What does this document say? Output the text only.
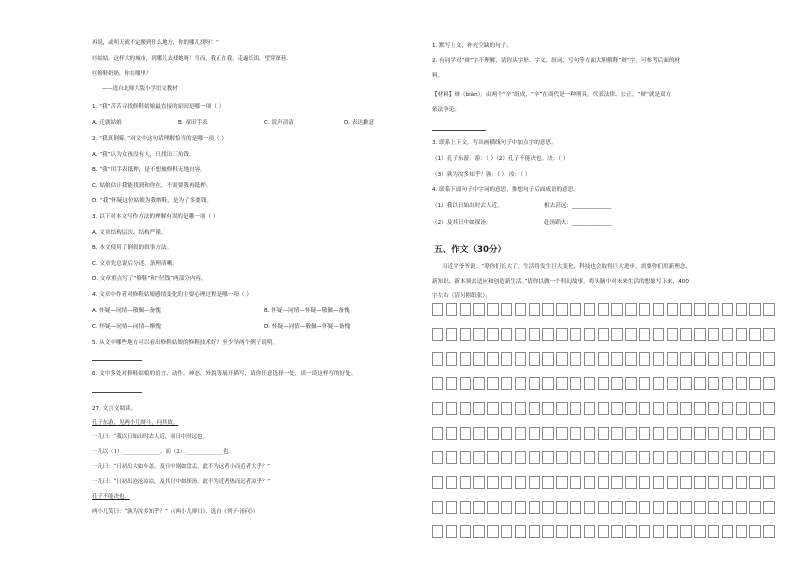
再说，或明天就不定搬到什么地方，你的哪儿找呀！”
⑬姑姑，这样大的城市，到哪儿去找她呀！当而，我正在我，走遍长街，望穿深巷。
⑭修鞋奶奶，你在哪里？
——选自北师大版小学语文教材
1. “我”苦苦寻找修鞋姑娘最直接的原因是哪一项（ ）
A. 迁就姑娘	B. 童旧手表	C. 说声清清	D. 表达歉意
2. “我真倒霉。”对文中这句话理解恰当的是哪一项（ ）
A. “我”认为女孩没有人，只找出三角钱。
B. “我”用手表抵押，是不想被修鞋无地自容。
C. 姑娘估计我能找到和你在，不需要我再抵押。
D. “我”怀疑这位姑娘为我纳鞋，是为了多要钱。
3. 以下对本文写作方法的理解有误的是哪一项（ ）
A. 文章结构层次、结构严谨。
B. 本文使用了倒叙的叙事方法。
C. 文章先总说后分述，条理清晰。
D. 文章重点写了“修鞋”和“付钱”两部分内容。
4. 文章中作者对修鞋姑娘感情变化的主要心理过程是哪一项（ ）
A. 怀疑—同情—敬佩—备愧	B. 怀疑—同情—怀疑—敬佩—备愧
C. 怀疑—同情—同情—惭愧	D. 怀疑—同情—敬佩—怀疑—备愧
5. 从文中哪些地方可以看出修鞋姑娘的修鞋技术好？至少举两个例子说明。
6. 文中多处对修鞋姑娘的语言、动作、神态、外貌等展开描写，请你任意选择一处，谈一谈这样写的好处。
27. 文言文阅读。
孔子东游，见两小儿辩斗，问其故。
一儿曰：“我以日始出时去人近，而日中时远也。
一儿以（1）______________，而（2）______________也。
一儿曰：“日初出大如车盖，及日中则如盘盂，此不为远者小而近者大乎？”
一儿曰：“日初出沧沧凉凉，及其日中如探汤，此不为近者热而远者凉乎？”
孔子不能决也。
两小儿笑曰：“孰为汝多知乎？”（《两小儿辩日》，选自《列子·汤问》）
1. 默写上文，补充空缺的句子。
2. 有同学对“辩”字不理解，请你从字形、字义、组词、写句等方面大胆解释“辩”字，可参考后面的材
料。
【材料】辩（biàn），由两个“辛”组成，“辛”在商代是一种刑具，代表法律、公正。“辩”就是双方
依法争论。
3. 联系上下文，写出画横线句子中加点字的意思。
（1）孔子东游。游：（ ）（2）孔子不能决也。决：（ ）
（3）孰为汝多知乎？孰：（ ） 汝：（ ）
4. 联系下面句子中字词的意思，推想句子后面成语的意思。
（1）我以日始出时去人近。	相去甚远：______________
（2）及其日中如探汤。	赴汤蹈火：______________
五、作文（30分）
习近平爷爷说：“筹你们长大了，生活将发生巨大变化，科技也会取得巨大进步，需要你们用新理念、
新知识、新本领去适应和创造新生活。”请你以做一个科幻故事，将头脑中对未来生活的想象写下来，400
字左右（请另附纸张）。
